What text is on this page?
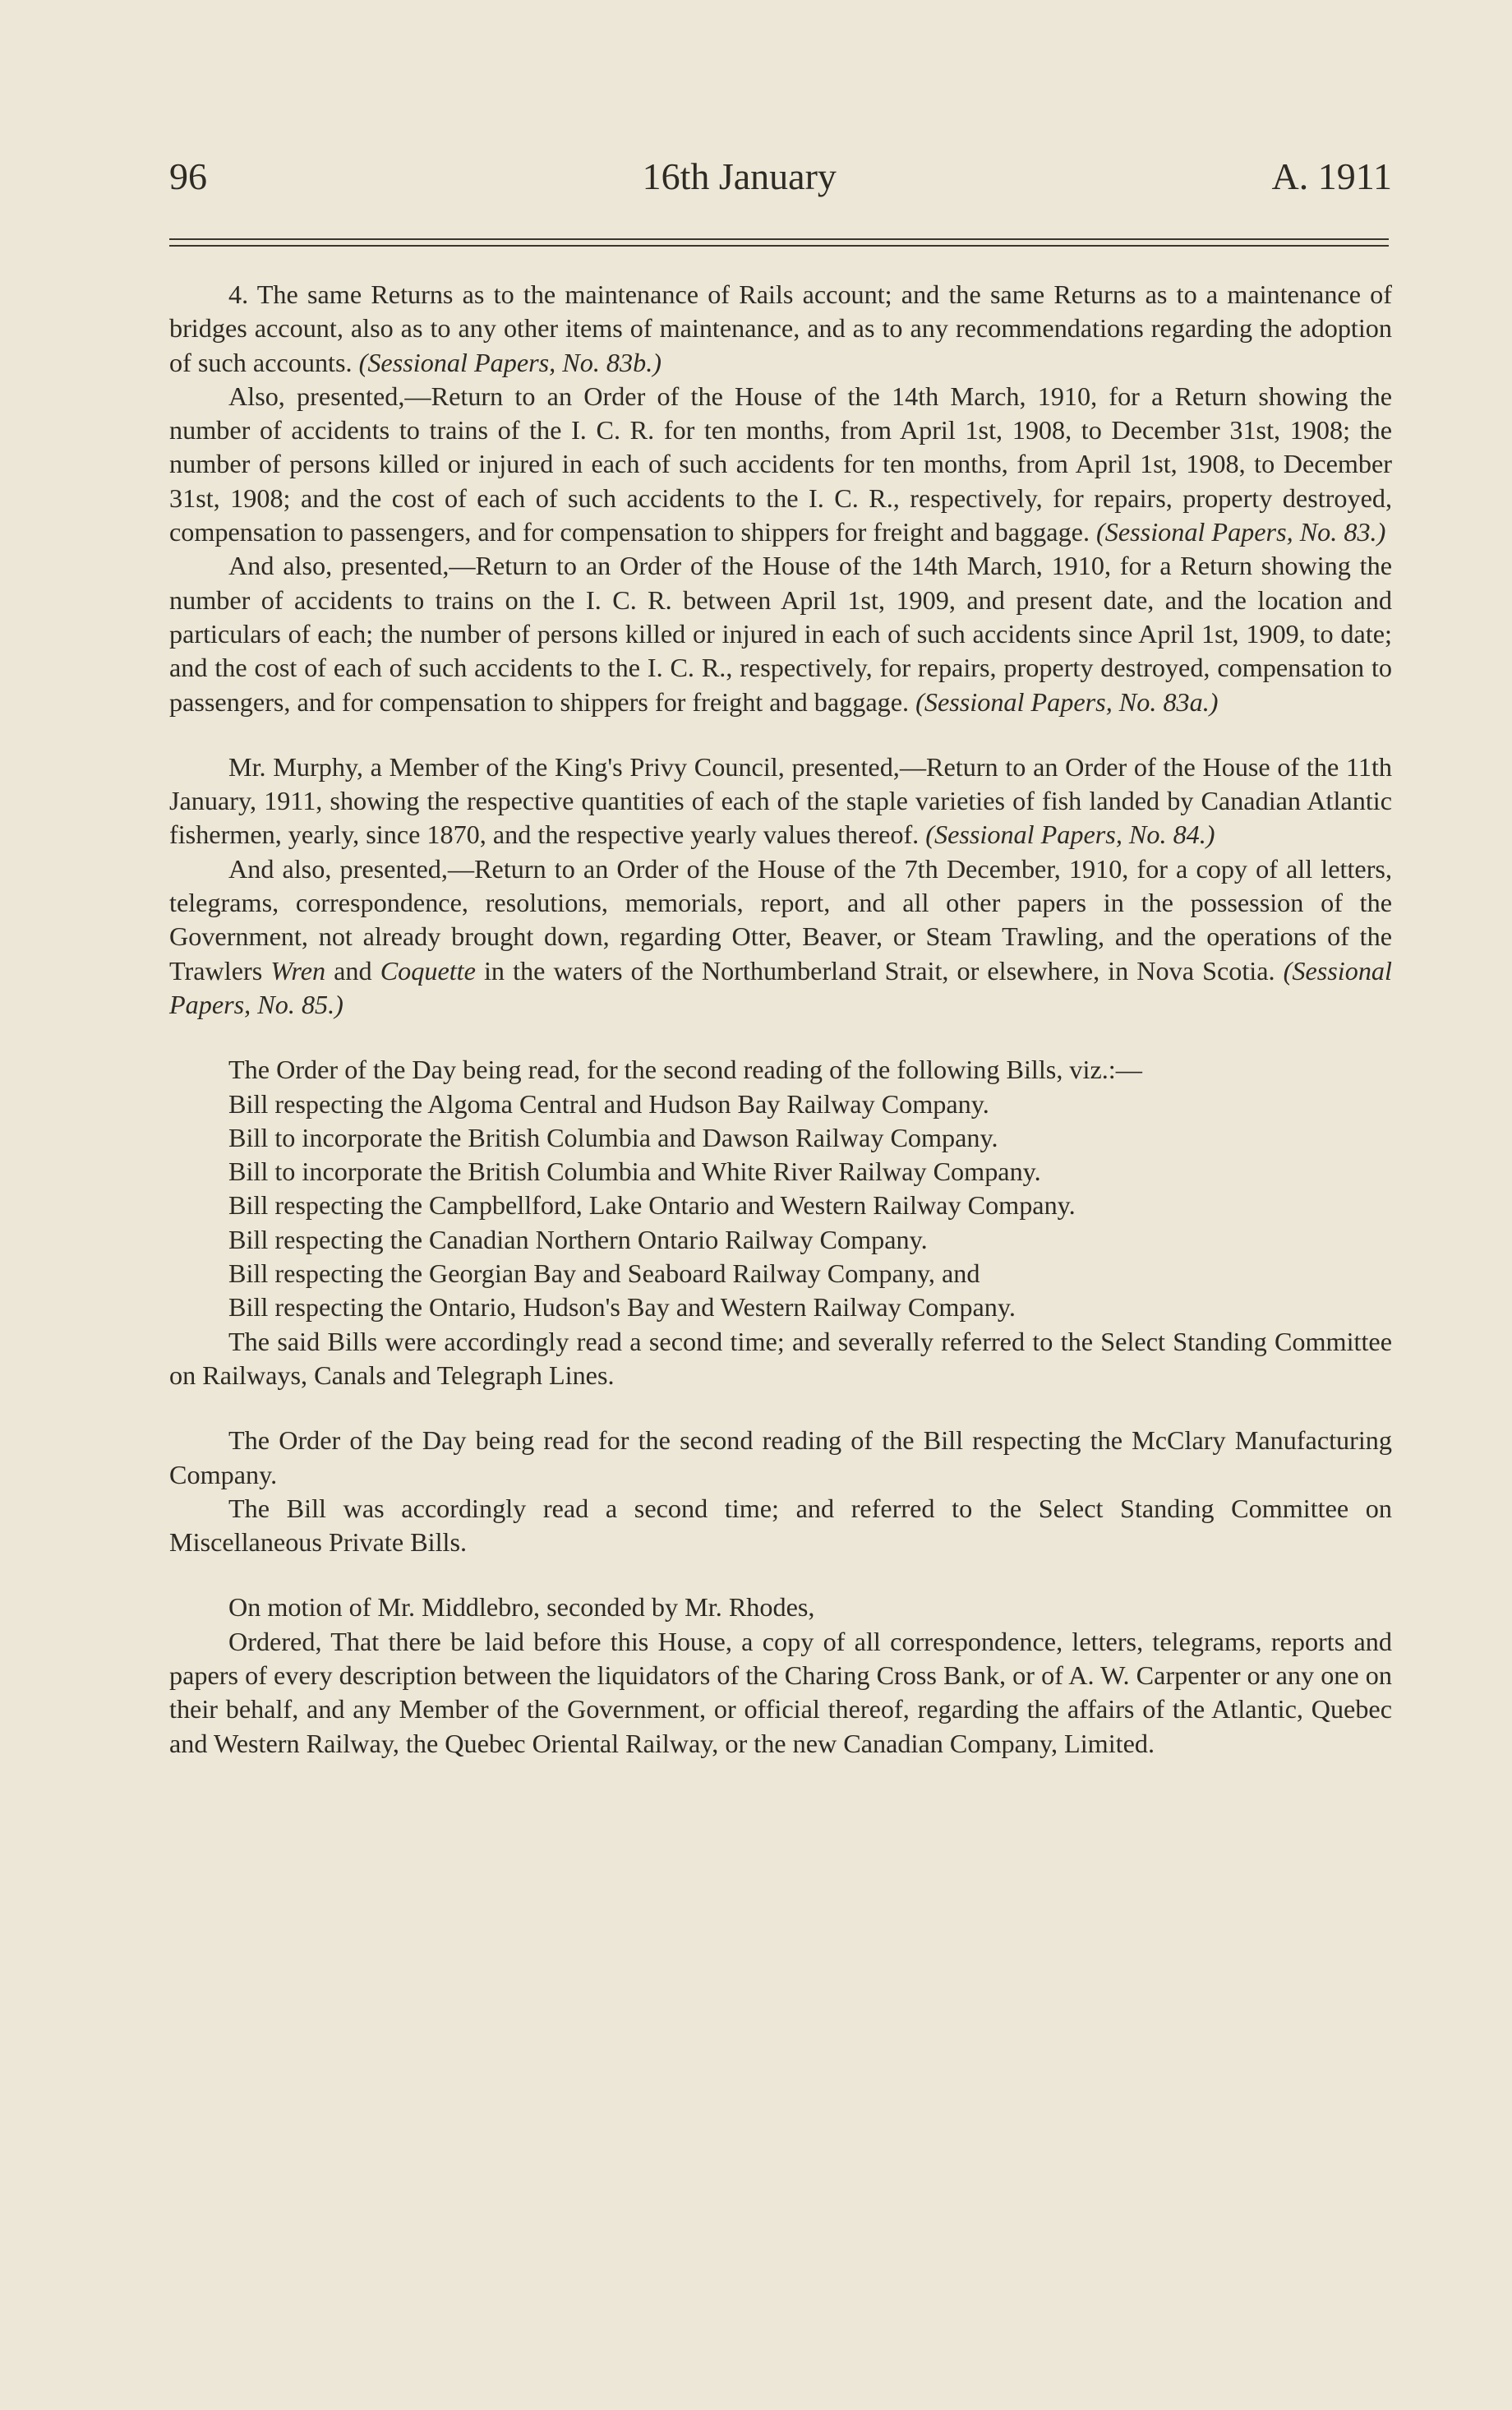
96	16th January	A. 1911

4. The same Returns as to the maintenance of Rails account; and the same Returns as to a maintenance of bridges account, also as to any other items of maintenance, and as to any recommendations regarding the adoption of such accounts. (Sessional Papers, No. 83b.)

Also, presented,—Return to an Order of the House of the 14th March, 1910, for a Return showing the number of accidents to trains of the I. C. R. for ten months, from April 1st, 1908, to December 31st, 1908; the number of persons killed or injured in each of such accidents for ten months, from April 1st, 1908, to December 31st, 1908; and the cost of each of such accidents to the I. C. R., respectively, for repairs, property destroyed, compensation to passengers, and for compensation to shippers for freight and baggage. (Sessional Papers, No. 83.)

And also, presented,—Return to an Order of the House of the 14th March, 1910, for a Return showing the number of accidents to trains on the I. C. R. between April 1st, 1909, and present date, and the location and particulars of each; the number of persons killed or injured in each of such accidents since April 1st, 1909, to date; and the cost of each of such accidents to the I. C. R., respectively, for repairs, property destroyed, compensation to passengers, and for compensation to shippers for freight and baggage. (Sessional Papers, No. 83a.)

Mr. Murphy, a Member of the King's Privy Council, presented,—Return to an Order of the House of the 11th January, 1911, showing the respective quantities of each of the staple varieties of fish landed by Canadian Atlantic fishermen, yearly, since 1870, and the respective yearly values thereof. (Sessional Papers, No. 84.)

And also, presented,—Return to an Order of the House of the 7th December, 1910, for a copy of all letters, telegrams, correspondence, resolutions, memorials, report, and all other papers in the possession of the Government, not already brought down, regarding Otter, Beaver, or Steam Trawling, and the operations of the Trawlers Wren and Coquette in the waters of the Northumberland Strait, or elsewhere, in Nova Scotia. (Sessional Papers, No. 85.)

The Order of the Day being read, for the second reading of the following Bills, viz.:—

Bill respecting the Algoma Central and Hudson Bay Railway Company.

Bill to incorporate the British Columbia and Dawson Railway Company.

Bill to incorporate the British Columbia and White River Railway Company.

Bill respecting the Campbellford, Lake Ontario and Western Railway Company.

Bill respecting the Canadian Northern Ontario Railway Company.

Bill respecting the Georgian Bay and Seaboard Railway Company, and

Bill respecting the Ontario, Hudson's Bay and Western Railway Company.

The said Bills were accordingly read a second time; and severally referred to the Select Standing Committee on Railways, Canals and Telegraph Lines.

The Order of the Day being read for the second reading of the Bill respecting the McClary Manufacturing Company.

The Bill was accordingly read a second time; and referred to the Select Standing Committee on Miscellaneous Private Bills.

On motion of Mr. Middlebro, seconded by Mr. Rhodes,

Ordered, That there be laid before this House, a copy of all correspondence, letters, telegrams, reports and papers of every description between the liquidators of the Charing Cross Bank, or of A. W. Carpenter or any one on their behalf, and any Member of the Government, or official thereof, regarding the affairs of the Atlantic, Quebec and Western Railway, the Quebec Oriental Railway, or the new Canadian Company, Limited.
